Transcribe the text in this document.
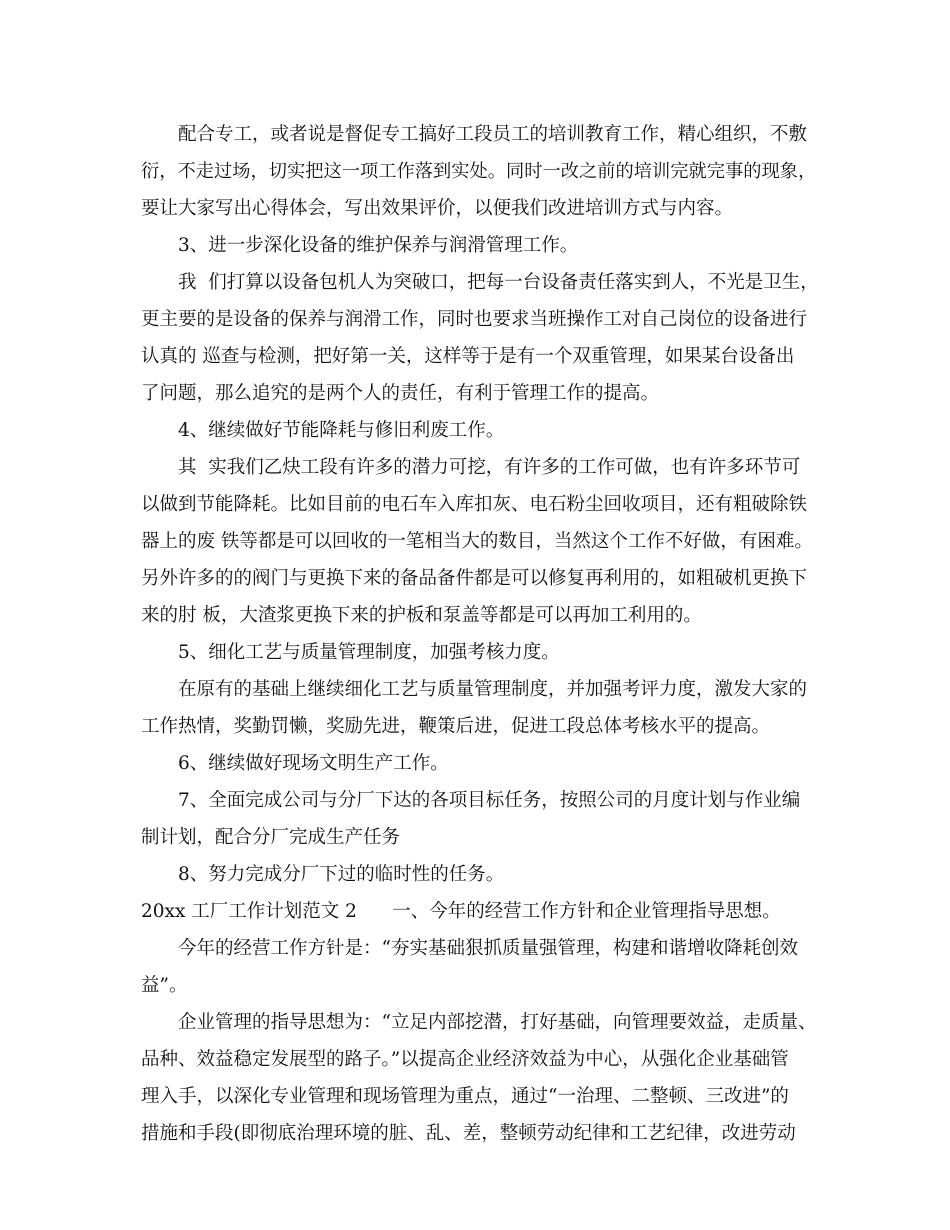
配合专工，或者说是督促专工搞好工段员工的培训教育工作，精心组织，不敷

衍，不走过场，切实把这一项工作落到实处。同时一改之前的培训完就完事的现象，

要让大家写出心得体会，写出效果评价，以便我们改进培训方式与内容。

3、进一步深化设备的维护保养与润滑管理工作。

我  们打算以设备包机人为突破口，把每一台设备责任落实到人，不光是卫生，

更主要的是设备的保养与润滑工作，同时也要求当班操作工对自己岗位的设备进行

认真的 巡查与检测，把好第一关，这样等于是有一个双重管理，如果某台设备出

了问题，那么追究的是两个人的责任，有利于管理工作的提高。

4、继续做好节能降耗与修旧利废工作。

其  实我们乙炔工段有许多的潜力可挖，有许多的工作可做，也有许多环节可

以做到节能降耗。比如目前的电石车入库扣灰、电石粉尘回收项目，还有粗破除铁

器上的废 铁等都是可以回收的一笔相当大的数目，当然这个工作不好做，有困难。

另外许多的的阀门与更换下来的备品备件都是可以修复再利用的，如粗破机更换下

来的肘 板，大渣浆更换下来的护板和泵盖等都是可以再加工利用的。

5、细化工艺与质量管理制度，加强考核力度。

在原有的基础上继续细化工艺与质量管理制度，并加强考评力度，激发大家的

工作热情，奖勤罚懒，奖励先进，鞭策后进，促进工段总体考核水平的提高。

6、继续做好现场文明生产工作。

7、全面完成公司与分厂下达的各项目标任务，按照公司的月度计划与作业编

制计划，配合分厂完成生产任务

8、努力完成分厂下过的临时性的任务。

20xx 工厂工作计划范文 2      一、今年的经营工作方针和企业管理指导思想。

今年的经营工作方针是：“夯实基础狠抓质量强管理，构建和谐增收降耗创效

益”。

企业管理的指导思想为：“立足内部挖潜，打好基础，向管理要效益，走质量、

品种、效益稳定发展型的路子。”以提高企业经济效益为中心，从强化企业基础管

理入手，以深化专业管理和现场管理为重点，通过“一治理、二整顿、三改进”的

措施和手段(即彻底治理环境的脏、乱、差，整顿劳动纪律和工艺纪律，改进劳动
